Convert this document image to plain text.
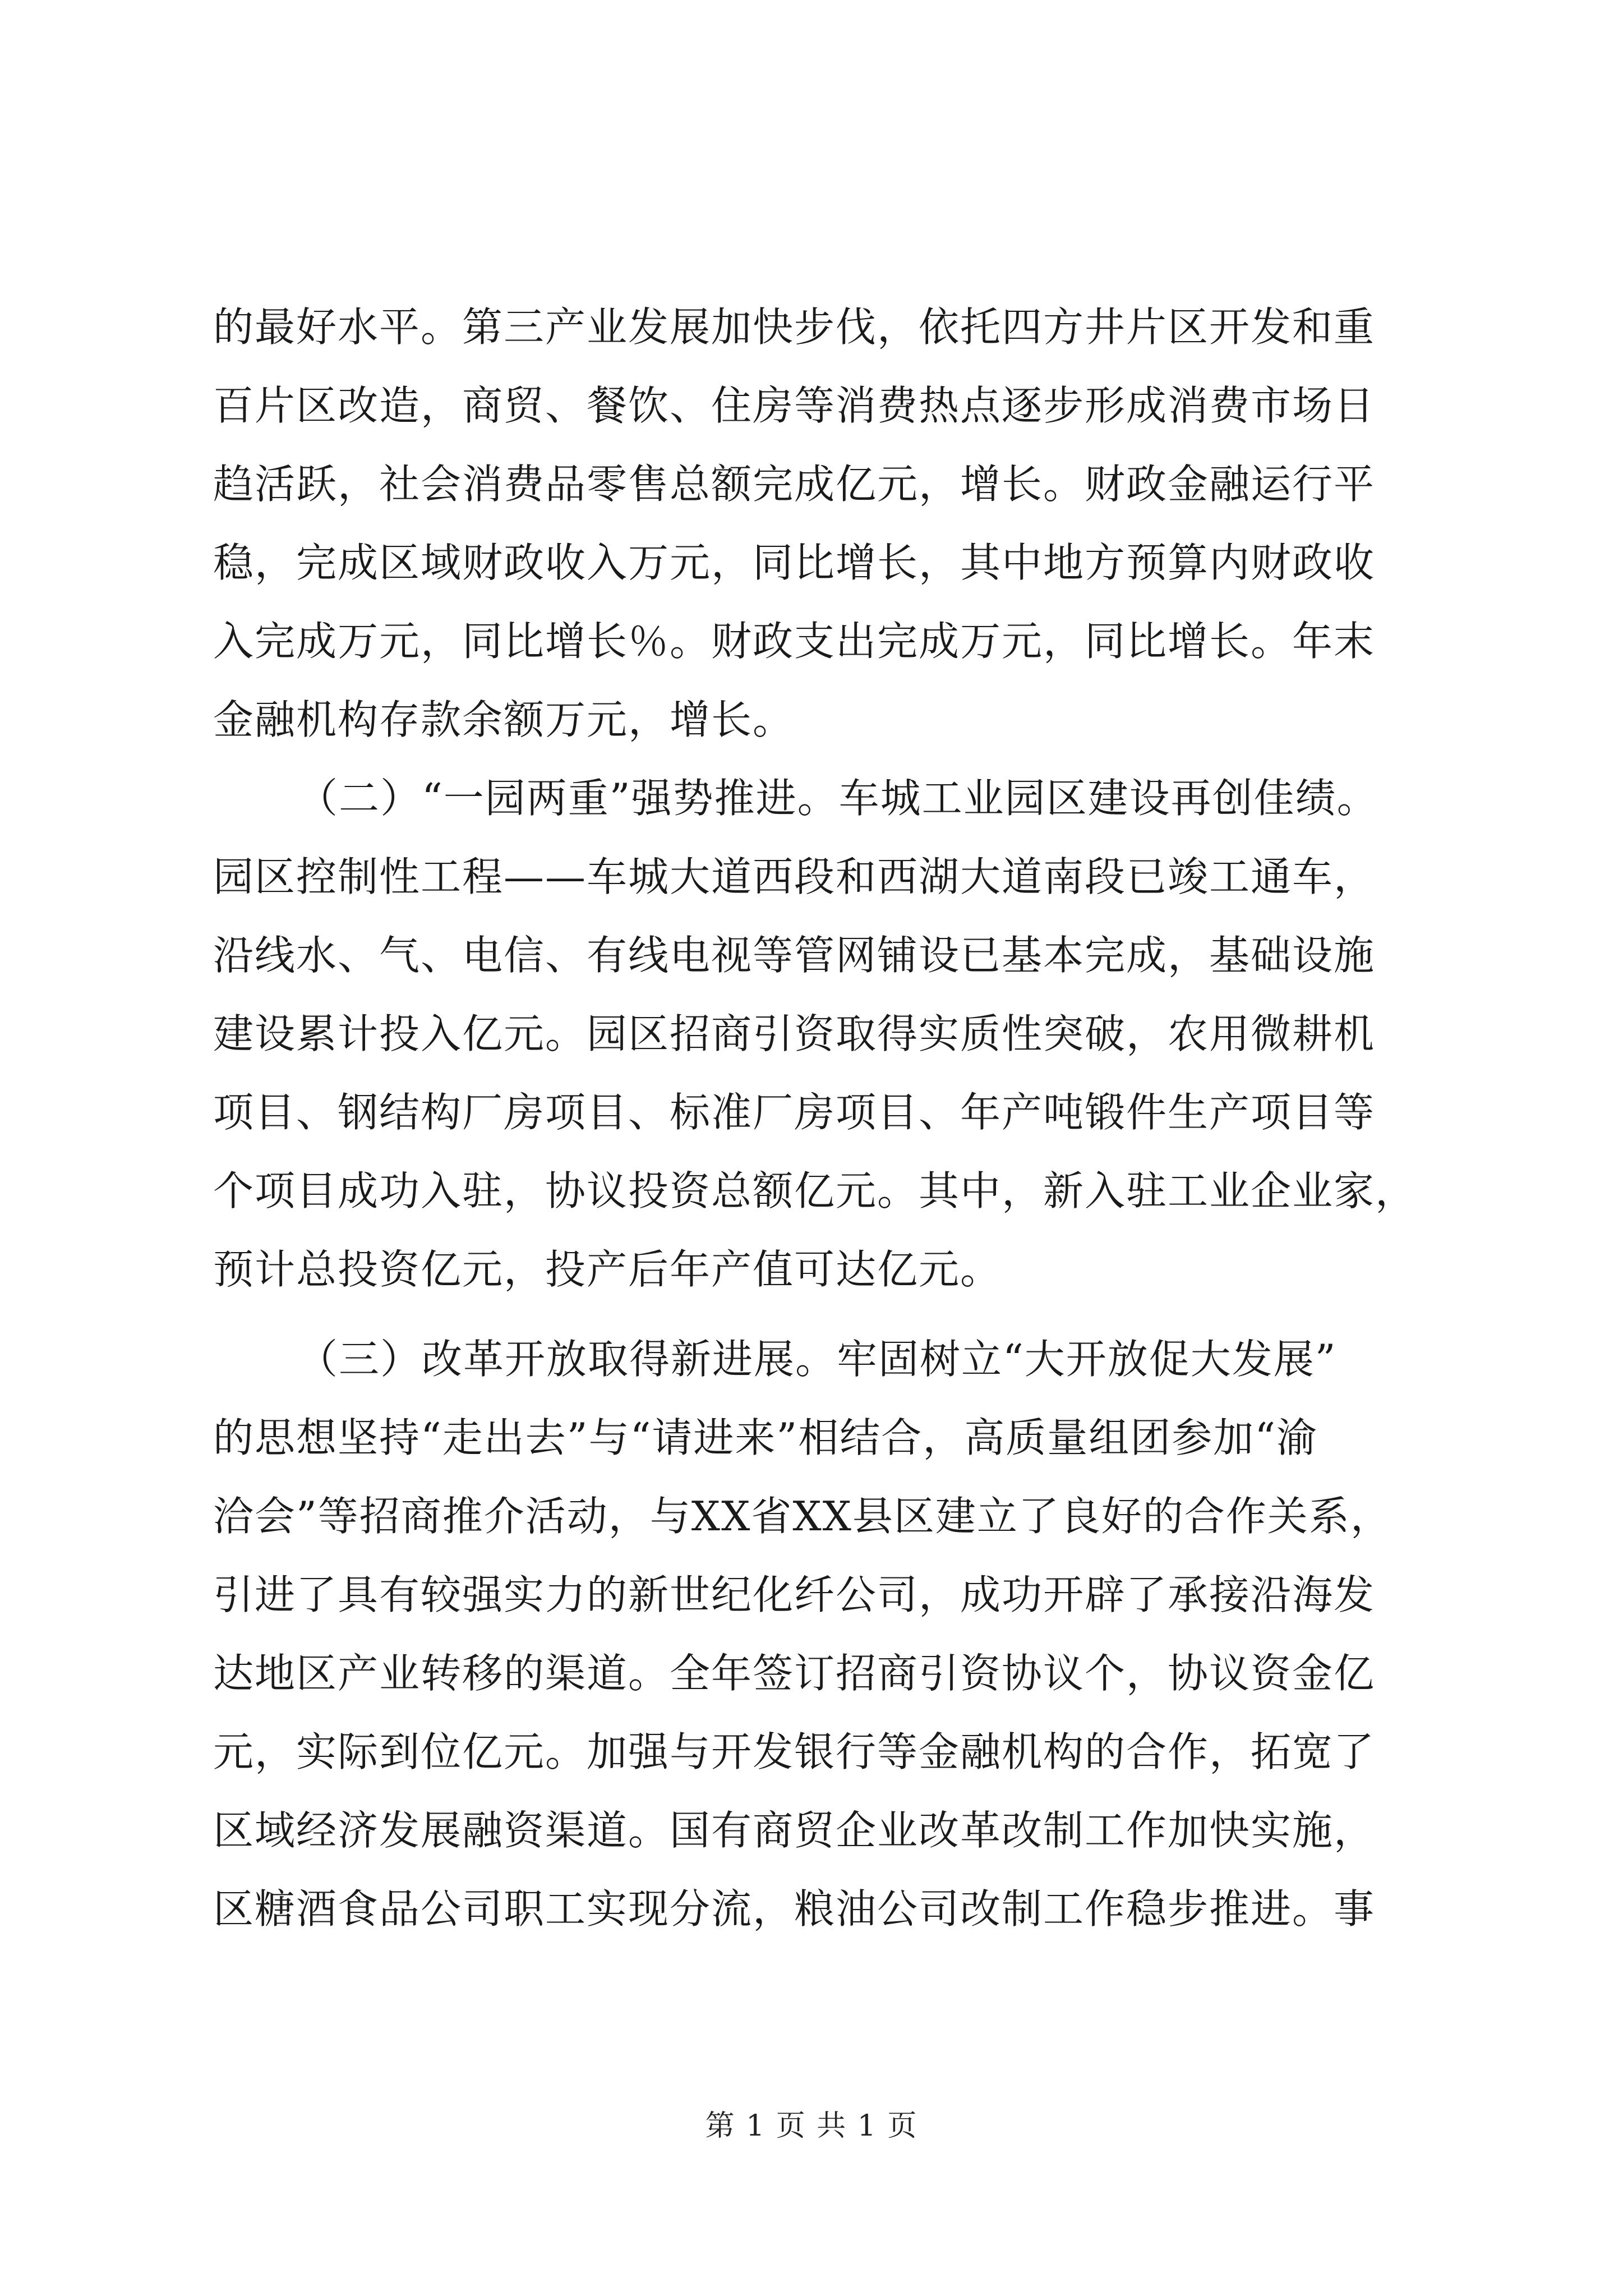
的最好水平。第三产业发展加快步伐，依托四方井片区开发和重
百片区改造，商贸、餐饮、住房等消费热点逐步形成消费市场日
趋活跃，社会消费品零售总额完成亿元，增长。财政金融运行平
稳，完成区域财政收入万元，同比增长，其中地方预算内财政收
入完成万元，同比增长％。财政支出完成万元，同比增长。年末
金融机构存款余额万元，增长。
（二）“一园两重”强势推进。车城工业园区建设再创佳绩。
园区控制性工程——车城大道西段和西湖大道南段已竣工通车，
沿线水、气、电信、有线电视等管网铺设已基本完成，基础设施
建设累计投入亿元。园区招商引资取得实质性突破，农用微耕机
项目、钢结构厂房项目、标准厂房项目、年产吨锻件生产项目等
个项目成功入驻，协议投资总额亿元。其中，新入驻工业企业家，
预计总投资亿元，投产后年产值可达亿元。
（三）改革开放取得新进展。牢固树立“大开放促大发展”
的思想坚持“走出去”与“请进来”相结合，高质量组团参加“渝
洽会”等招商推介活动，与XX省XX县区建立了良好的合作关系，
引进了具有较强实力的新世纪化纤公司，成功开辟了承接沿海发
达地区产业转移的渠道。全年签订招商引资协议个，协议资金亿
元，实际到位亿元。加强与开发银行等金融机构的合作，拓宽了
区域经济发展融资渠道。国有商贸企业改革改制工作加快实施，
区糖酒食品公司职工实现分流，粮油公司改制工作稳步推进。事
第 1 页 共 1 页
